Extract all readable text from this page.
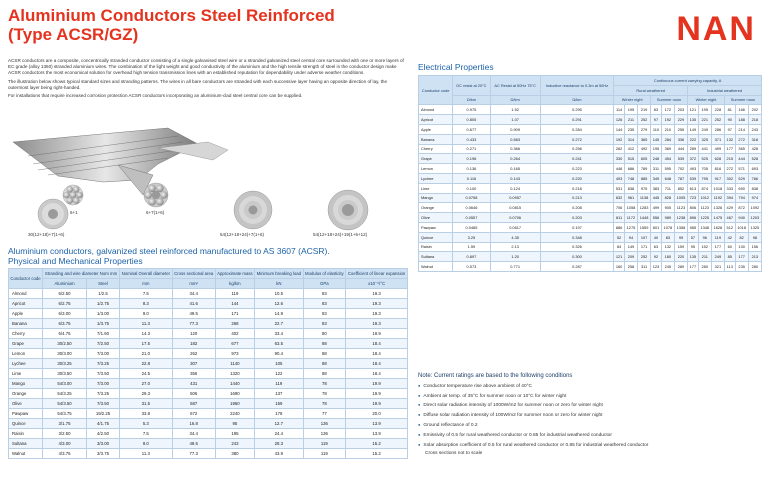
Aluminium Conductors Steel Reinforced
(Type ACSR/GZ)	NAN

ACSR conductors are a composite, concentrically stranded conductor consisting of a single galvanised steel wire or a stranded galvanized steel central core surrounded with one or more layers of EC grade (alloy 1350) stranded aluminium wires. The combination of the light weight and good conductivity of the aluminium and the high tensile strength of steel in the conductor design make ACSR conductors the most economical solution for overhead high tension transmission lines with an established reputation for dependability under adverse weather conditions.

The illustration below shows typical standard sizes and stranding patterns. The wires in all bare conductors are stranded with each successive layer having an opposite direction of lay, the outermost layer being right-handed.

For installations that require increased corrosion protection ACSR conductors incorporating an aluminium-clad steel central core can be supplied.

6+1	6+7(1+6)
30(12+18)+7(1+6)	54(12+18+24)+7(1+6)	54(12+18+24)+19(1+6+12)
Aluminium conductors, galvanized steel reinforced manufactured to AS 3607 (ACSR).
Physical and Mechanical Properties
Conductor code	Stranding and wire diameter Nom mm		Nominal Overall diameter	Cross sectional area	Approximate mass	Minimum breaking load	Modulus of elasticity	Coefficient of linear expansion
	Aluminium	Steel	mm	mm²	kg/km	kN	GPa	x10⁻⁶/°C
Almond	6/2.50	1/2.5	7.5	34.4	119	10.5	83	19.3
Apricot	6/2.75	1/2.75	8.3	41.6	144	12.6	83	19.3
Apple	6/3.00	1/3.00	9.0	49.5	171	14.9	83	19.3
Banana	6/3.75	1/3.75	11.3	77.3	268	22.7	83	19.3
Cherry	6/4.75	7/1.60	14.3	120	402	33.4	80	19.9
Grape	30/2.50	7/2.50	17.5	182	677	63.5	88	18.4
Lemon	30/3.00	7/3.00	21.0	262	973	90.4	88	18.4
Lychee	30/3.25	7/3.25	22.8	307	1140	105	88	18.4
Lime	30/3.50	7/3.50	24.5	356	1320	122	88	18.4
Mango	54/3.00	7/3.00	27.0	431	1440	119	78	19.9
Orange	54/3.25	7/3.25	29.3	506	1690	137	78	19.9
Olive	54/3.50	7/3.50	31.5	587	1960	159	78	19.9
Pawpaw	54/3.75	19/2.25	33.8	672	2240	178	77	20.0
Quince	3/1.75	4/1.75	5.3	16.8	95	12.7	136	13.9
Raisin	3/2.50	4/2.50	7.5	34.4	195	24.4	136	13.9
Sultana	4/3.00	3/3.00	9.0	49.5	243	28.3	119	15.2
Walnut	4/3.75	3/3.75	11.3	77.3	380	43.9	119	15.2
Electrical Properties
Conductor code	DC resist at 20°C	AC Resist at 50Hz 75°C	Inductive reactance to 0.3m at 50Hz	Continuous current carrying capacity, A											
				Rural weathered						Industrial weathered					
	Ω/km	Ω/km	Ω/km	Winter night			Summer noon			Winter night			Summer noon		
Almond	0.975	1.52	0.295	114	195	219	83	172	203	121	195	228	81	166	202
Apricot	0.805	1.07	0.291	126	211	252	97	192	229	135	221	252	90	188	218
Apple	0.677	0.909	0.284	144	235	279	110	210	255	149	249	286	97	214	243
Banana	0.433	0.583	0.272	192	314	365	145	284	336	222	325	371	132	272	318
Cherry	0.271	0.366	0.256	262	412	492	195	369	444	289	441	499	177	365	428
Grape	0.196	0.264	0.241	330	515	605	248	454	539	372	525	628	215	444	528
Lemon	0.136	0.165	0.223	448	686	789	311	595	702	493	705	816	272	571	693
Lychee	0.116	0.143	0.220	493	748	885	349	648	787	539	795	917	302	529	766
Lime	0.100	0.124	0.218	531	838	975	383	711	852	613	874	1018	333	690	838
Mango	0.0758	0.0957	0.213	632	961	1138	445	828	1005	723	1012	1192	394	794	974
Orange	0.0646	0.0815	0.208	706	1058	1283	499	905	1123	806	1123	1326	429	872	1092
Olive	0.0557	0.0706	0.203	811	1172	1448	556	989	1238	896	1225	1475	467	940	1203
Pawpaw	0.0485	0.0617	0.197	886	1275	1559	601	1078	1358	985	1348	1628	512	1018	1325
Quince	3.25	4.35	0.348	52	94	107	40	83	99	57	96	119	42	82	98
Raisin	1.59	2.13	0.326	84	149	171	63	132	159	95	152	177	60	130	156
Sultana	0.897	1.20	0.300	121	209	252	92	180	220	135	211	249	85	177	213
Walnut	0.573	0.771	0.287	160	258	311	123	245	289	177	280	321	113	235	280
Note: Current ratings are based to the following conditions
● Conductor temperature rise above ambient of 40°C
● Ambient air temp. of 35°C for summer noon or 10°C for winter night
● Direct solar radiation intensity of 1000W/m2 for summer noon or zero for winter night
● Diffuse solar radiation intensity of 100W/m2 for summer noon or zero for winter night
● Ground reflectance of 0.2
● Emissivity of 0.5 for rural weathered conductor or 0.85 for industrial weathered conductor
● Solar absorption coefficient of 0.5 for rural weathered conductor or 0.85 for industrial weathered conductor
Cross sections not to scale
